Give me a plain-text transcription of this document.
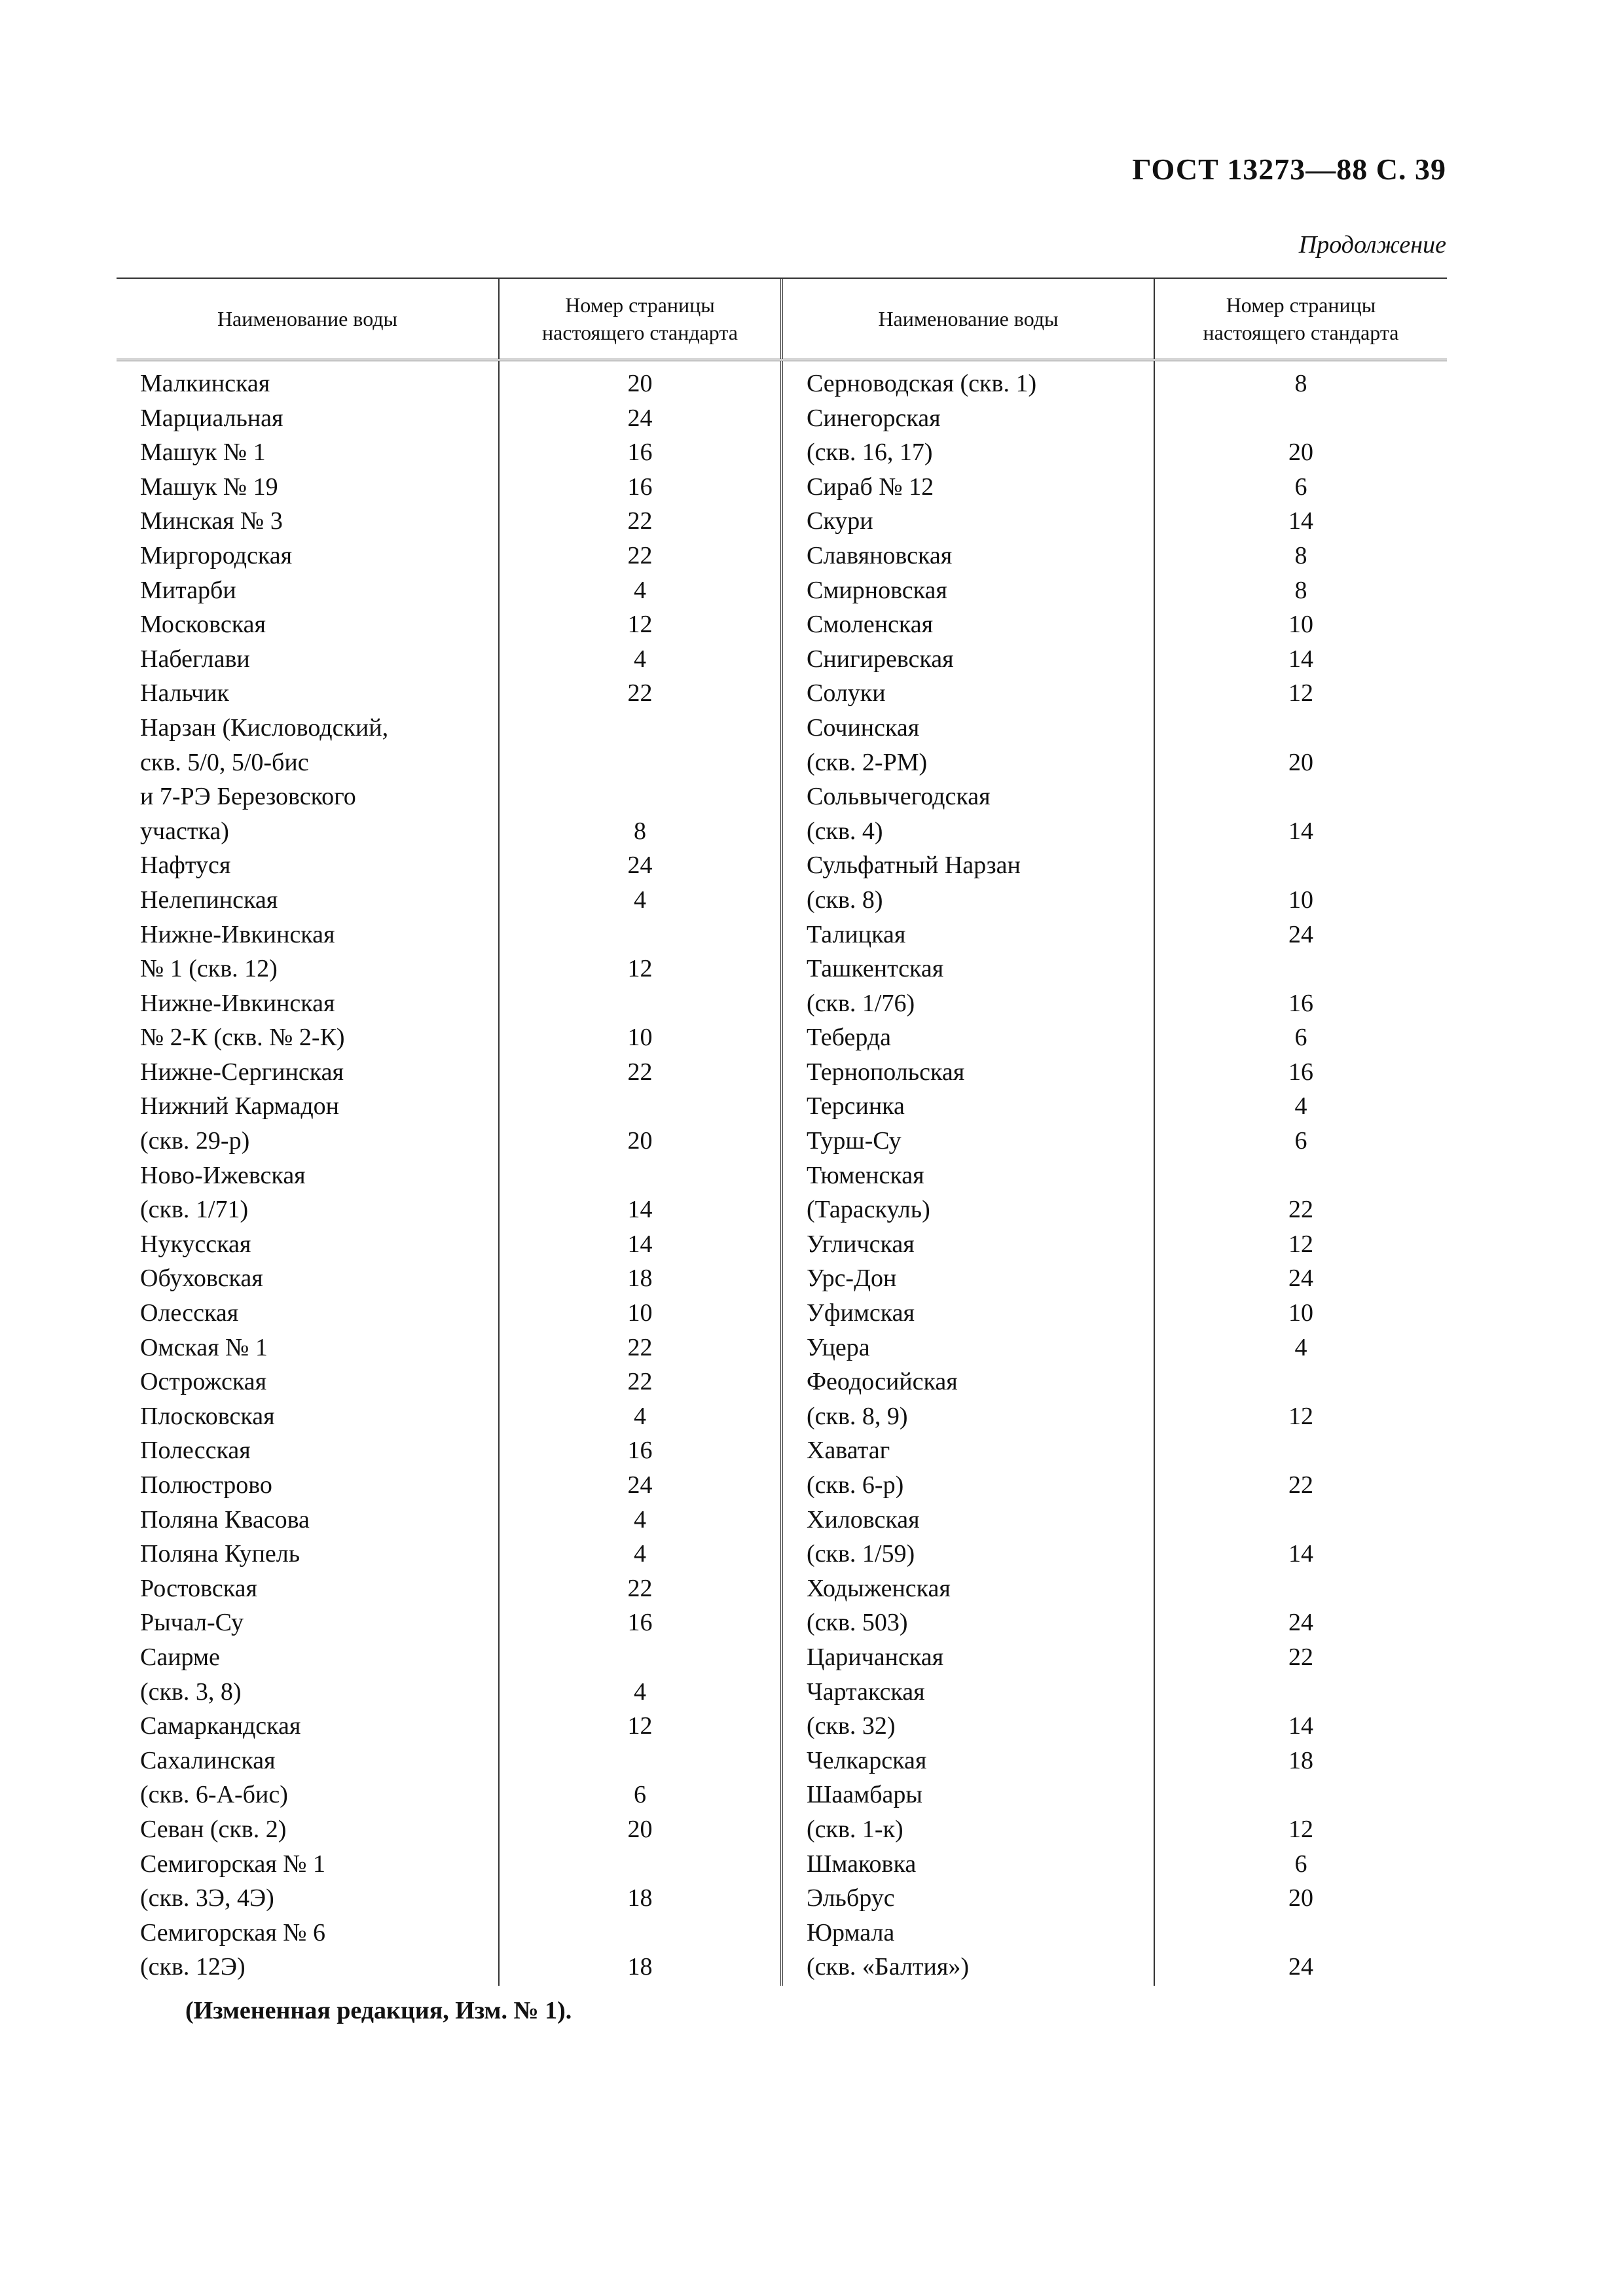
ГОСТ 13273—88 С. 39
Продолжение
Наименование воды
Номер страницы
настоящего стандарта
Наименование воды
Номер страницы
настоящего стандарта
Малкинская
Марциальная
Машук № 1
Машук № 19
Минская № 3
Миргородская
Митарби
Московская
Набеглави
Нальчик
Нарзан (Кисловодский,
скв. 5/0, 5/0-бис
и 7-РЭ Березовского
участка)
Нафтуся
Нелепинская
Нижне-Ивкинская
№ 1 (скв. 12)
Нижне-Ивкинская
№ 2-К (скв. № 2-К)
Нижне-Сергинская
Нижний Кармадон
(скв. 29-р)
Ново-Ижевская
(скв. 1/71)
Нукусская
Обуховская
Олесская
Омская № 1
Острожская
Плосковская
Полесская
Полюстрово
Поляна Квасова
Поляна Купель
Ростовская
Рычал-Су
Саирме
(скв. 3, 8)
Самаркандская
Сахалинская
(скв. 6-А-бис)
Севан (скв. 2)
Семигорская № 1
(скв. 3Э, 4Э)
Семигорская № 6
(скв. 12Э)
20
24
16
16
22
22
4
12
4
22
8
24
4
12
10
22
20
14
14
18
10
22
22
4
16
24
4
4
22
16
4
12
6
20
18
18
Серноводская (скв. 1)
Синегорская
(скв. 16, 17)
Сираб № 12
Скури
Славяновская
Смирновская
Смоленская
Снигиревская
Солуки
Сочинская
(скв. 2-РМ)
Сольвычегодская
(скв. 4)
Сульфатный Нарзан
(скв. 8)
Талицкая
Ташкентская
(скв. 1/76)
Теберда
Тернопольская
Терсинка
Турш-Су
Тюменская
(Тараскуль)
Угличская
Урс-Дон
Уфимская
Уцера
Феодосийская
(скв. 8, 9)
Хаватаг
(скв. 6-р)
Хиловская
(скв. 1/59)
Ходыженская
(скв. 503)
Царичанская
Чартакская
(скв. 32)
Челкарская
Шаамбары
(скв. 1-к)
Шмаковка
Эльбрус
Юрмала
(скв. «Балтия»)
8
20
6
14
8
8
10
14
12
20
14
10
24
16
6
16
4
6
22
12
24
10
4
12
22
14
24
22
14
18
12
6
20
24
(Измененная редакция, Изм. № 1).
